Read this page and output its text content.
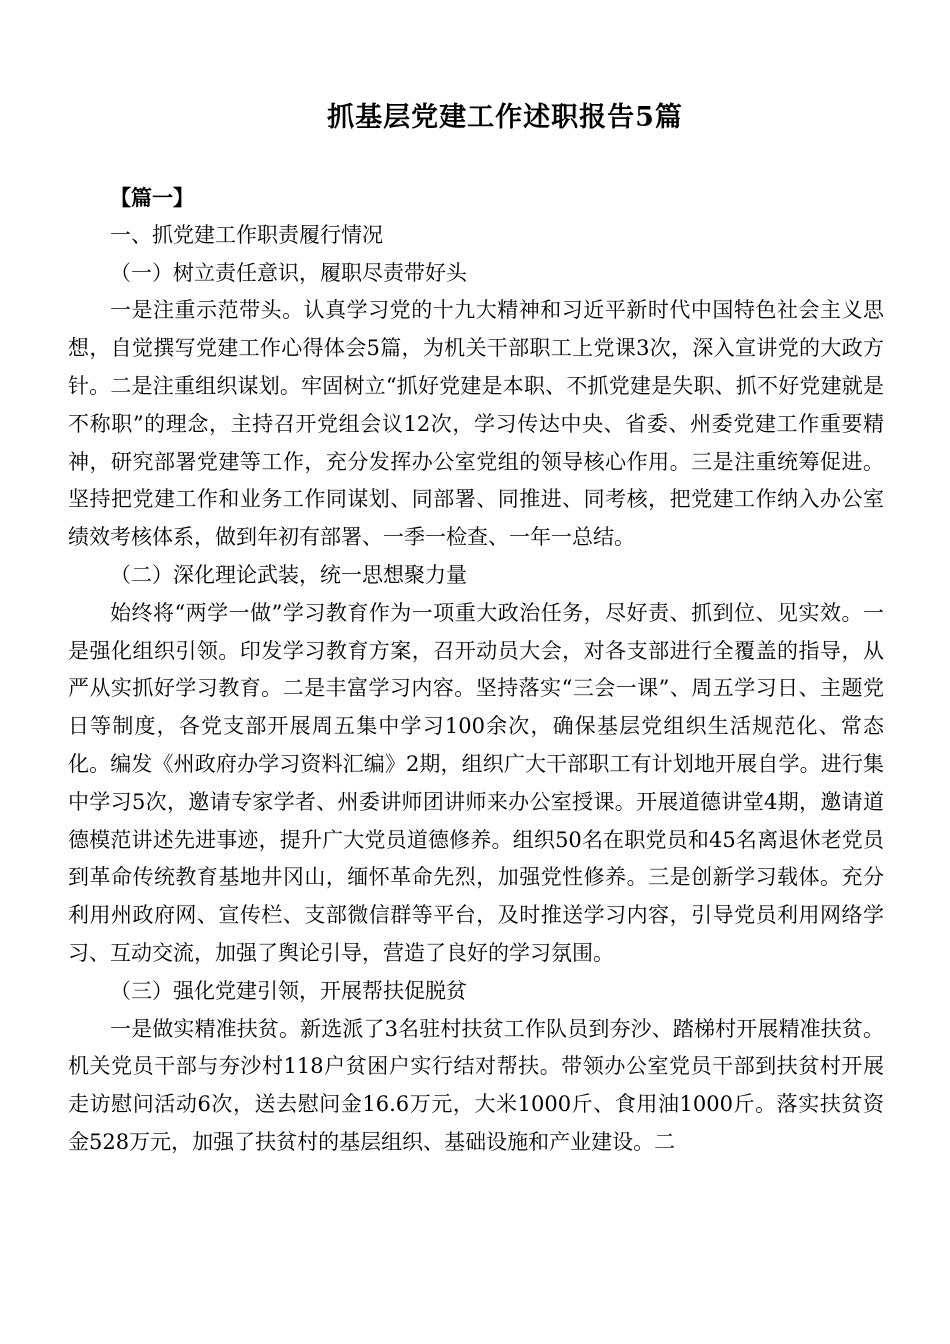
抓基层党建工作述职报告5篇

【篇一】

一、抓党建工作职责履行情况

（一）树立责任意识，履职尽责带好头

一是注重示范带头。认真学习党的十九大精神和习近平新时代中国特色社会主义思想，自觉撰写党建工作心得体会5篇，为机关干部职工上党课3次，深入宣讲党的大政方针。二是注重组织谋划。牢固树立“抓好党建是本职、不抓党建是失职、抓不好党建就是不称职”的理念，主持召开党组会议12次，学习传达中央、省委、州委党建工作重要精神，研究部署党建等工作，充分发挥办公室党组的领导核心作用。三是注重统筹促进。坚持把党建工作和业务工作同谋划、同部署、同推进、同考核，把党建工作纳入办公室绩效考核体系，做到年初有部署、一季一检查、一年一总结。

（二）深化理论武装，统一思想聚力量

始终将“两学一做”学习教育作为一项重大政治任务，尽好责、抓到位、见实效。一是强化组织引领。印发学习教育方案，召开动员大会，对各支部进行全覆盖的指导，从严从实抓好学习教育。二是丰富学习内容。坚持落实“三会一课”、周五学习日、主题党日等制度，各党支部开展周五集中学习100余次，确保基层党组织生活规范化、常态化。编发《州政府办学习资料汇编》2期，组织广大干部职工有计划地开展自学。进行集中学习5次，邀请专家学者、州委讲师团讲师来办公室授课。开展道德讲堂4期，邀请道德模范讲述先进事迹，提升广大党员道德修养。组织50名在职党员和45名离退休老党员到革命传统教育基地井冈山，缅怀革命先烈，加强党性修养。三是创新学习载体。充分利用州政府网、宣传栏、支部微信群等平台，及时推送学习内容，引导党员利用网络学习、互动交流，加强了舆论引导，营造了良好的学习氛围。

（三）强化党建引领，开展帮扶促脱贫

一是做实精准扶贫。新选派了3名驻村扶贫工作队员到夯沙、踏梯村开展精准扶贫。机关党员干部与夯沙村118户贫困户实行结对帮扶。带领办公室党员干部到扶贫村开展走访慰问活动6次，送去慰问金16.6万元，大米1000斤、食用油1000斤。落实扶贫资金528万元，加强了扶贫村的基层组织、基础设施和产业建设。二
